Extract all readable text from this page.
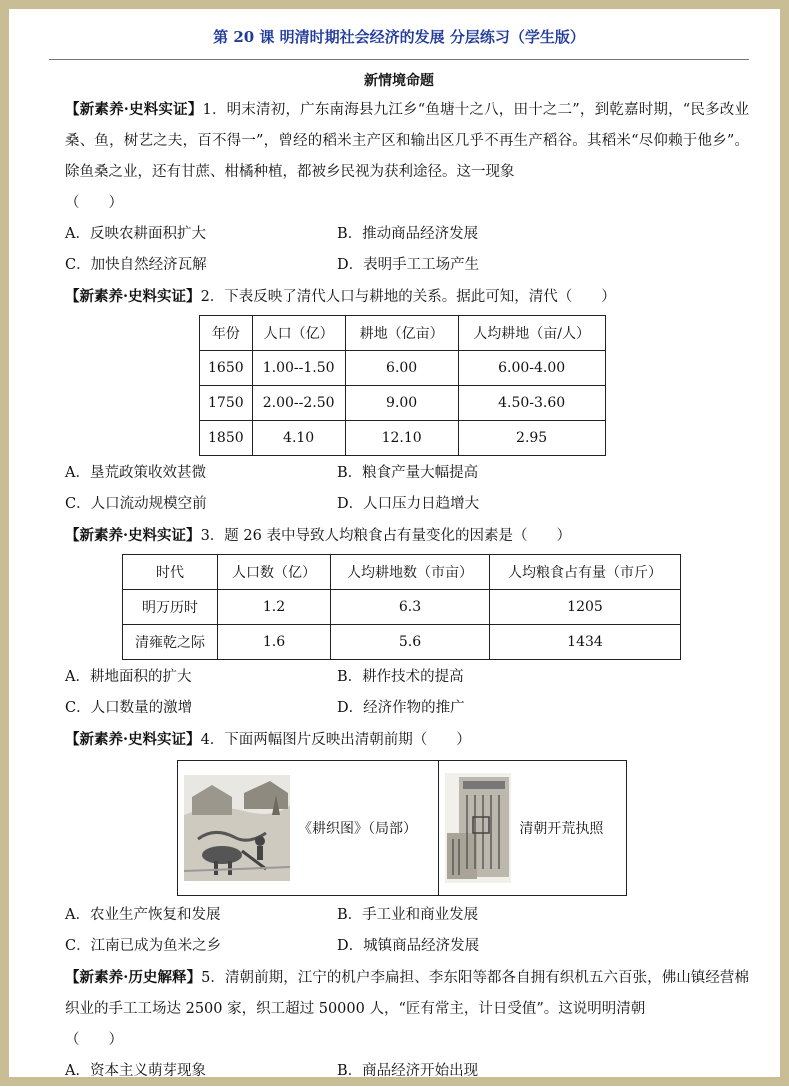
第 20 课 明清时期社会经济的发展 分层练习（学生版）
新情境命题
【新素养·史料实证】1．明末清初，广东南海县九江乡“鱼塘十之八，田十之二”，到乾嘉时期，“民多改业桑、鱼，树艺之夫，百不得一”，曾经的稻米主产区和输出区几乎不再生产稻谷。其稻米“尽仰赖于他乡”。除鱼桑之业，还有甘蔗、柑橘种植，都被乡民视为获利途径。这一现象
（　　）
A．反映农耕面积扩大	B．推动商品经济发展
C．加快自然经济瓦解	D．表明手工工场产生
【新素养·史料实证】2．下表反映了清代人口与耕地的关系。据此可知，清代（　　）
年份	人口（亿）	耕地（亿亩）	人均耕地（亩/人）
1650	1.00--1.50	6.00	6.00-4.00
1750	2.00--2.50	9.00	4.50-3.60
1850	4.10	12.10	2.95
A．垦荒政策收效甚微	B．粮食产量大幅提高
C．人口流动规模空前	D．人口压力日趋增大
【新素养·史料实证】3．题 26 表中导致人均粮食占有量变化的因素是（　　）
时代	人口数（亿）	人均耕地数（市亩）	人均粮食占有量（市斤）
明万历时	1.2	6.3	1205
清雍乾之际	1.6	5.6	1434
A．耕地面积的扩大	B．耕作技术的提高
C．人口数量的激增	D．经济作物的推广
【新素养·史料实证】4．下面两幅图片反映出清朝前期（　　）
《耕织图》（局部）	清朝开荒执照
A．农业生产恢复和发展	B．手工业和商业发展
C．江南已成为鱼米之乡	D．城镇商品经济发展
【新素养·历史解释】5．清朝前期，江宁的机户李扁担、李东阳等都各自拥有织机五六百张，佛山镇经营棉织业的手工工场达 2500 家，织工超过 50000 人，“匠有常主，计日受值”。这说明明清朝
（　　）
A．资本主义萌芽现象	B．商品经济开始出现
